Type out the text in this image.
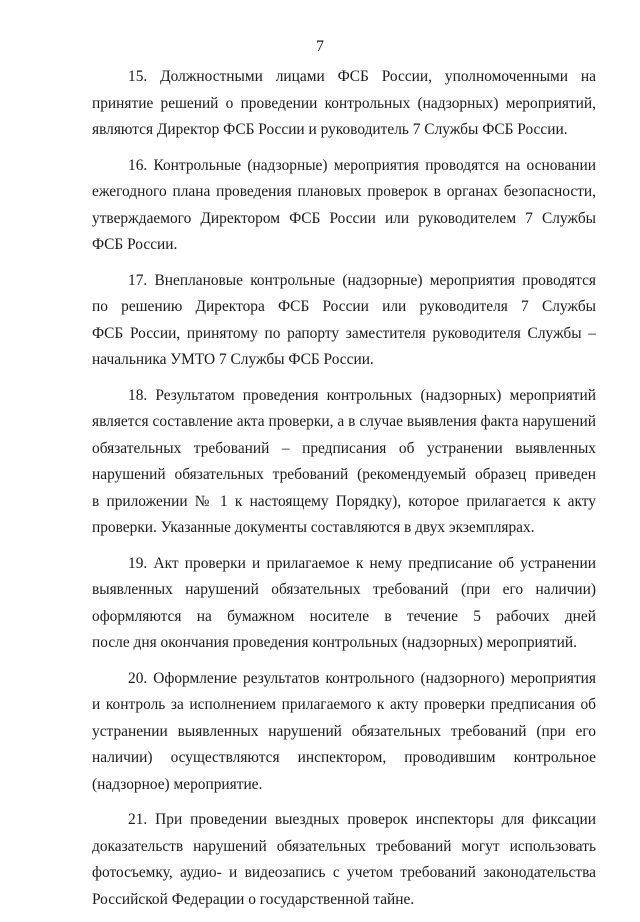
7

15. Должностными лицами ФСБ России, уполномоченными на
принятие решений о проведении контрольных (надзорных) мероприятий,
являются Директор ФСБ России и руководитель 7 Службы ФСБ России.

16. Контрольные (надзорные) мероприятия проводятся на основании
ежегодного плана проведения плановых проверок в органах безопасности,
утверждаемого Директором ФСБ России или руководителем 7 Службы
ФСБ России.

17. Внеплановые контрольные (надзорные) мероприятия проводятся
по решению Директора ФСБ России или руководителя 7 Службы
ФСБ России, принятому по рапорту заместителя руководителя Службы –
начальника УМТО 7 Службы ФСБ России.

18. Результатом проведения контрольных (надзорных) мероприятий
является составление акта проверки, а в случае выявления факта нарушений
обязательных требований – предписания об устранении выявленных
нарушений обязательных требований (рекомендуемый образец приведен
в приложении № 1 к настоящему Порядку), которое прилагается к акту
проверки. Указанные документы составляются в двух экземплярах.

19. Акт проверки и прилагаемое к нему предписание об устранении
выявленных нарушений обязательных требований (при его наличии)
оформляются на бумажном носителе в течение 5 рабочих дней
после дня окончания проведения контрольных (надзорных) мероприятий.

20. Оформление результатов контрольного (надзорного) мероприятия
и контроль за исполнением прилагаемого к акту проверки предписания об
устранении выявленных нарушений обязательных требований (при его
наличии) осуществляются инспектором, проводившим контрольное
(надзорное) мероприятие.

21. При проведении выездных проверок инспекторы для фиксации
доказательств нарушений обязательных требований могут использовать
фотосъемку, аудио- и видеозапись с учетом требований законодательства
Российской Федерации о государственной тайне.
